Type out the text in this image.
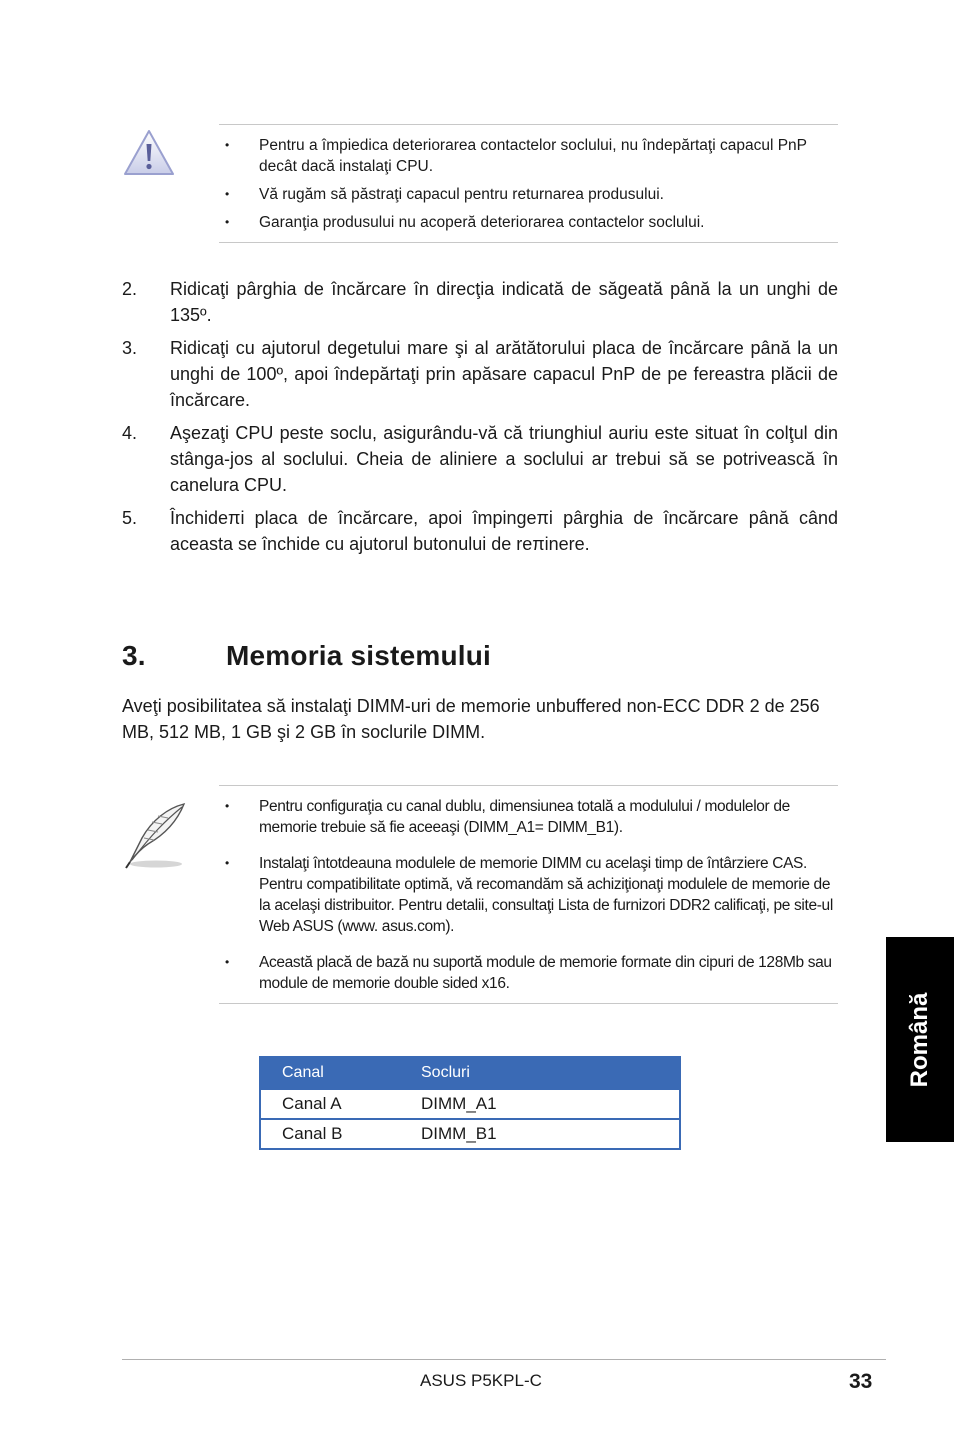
• Pentru a împiedica deteriorarea contactelor soclului, nu îndepărtaţi capacul PnP decât dacă instalaţi CPU.
• Vă rugăm să păstraţi capacul pentru returnarea produsului.
• Garanţia produsului nu acoperă deteriorarea contactelor soclului.
2. Ridicaţi pârghia de încărcare în direcţia indicată de săgeată până la un unghi de 135º.
3. Ridicaţi cu ajutorul degetului mare şi al arătătorului placa de încărcare până la un unghi de 100º, apoi îndepărtaţi prin apăsare capacul PnP de pe fereastra plăcii de încărcare.
4. Aşezaţi CPU peste soclu, asigurându-vă că triunghiul auriu este situat în colţul din stânga-jos al soclului. Cheia de aliniere a soclului ar trebui să se potrivească în canelura CPU.
5. Închideπi placa de încărcare, apoi împingeπi pârghia de încărcare până când aceasta se închide cu ajutorul butonului de reπinere.
3.	Memoria sistemului
Aveţi posibilitatea să instalaţi DIMM-uri de memorie unbuffered non-ECC DDR 2 de 256 MB, 512 MB, 1 GB şi 2 GB în soclurile DIMM.
• Pentru configuraţia cu canal dublu, dimensiunea totală a modulului / modulelor de memorie trebuie să fie aceeaşi (DIMM_A1= DIMM_B1).
• Instalaţi întotdeauna modulele de memorie DIMM cu acelaşi timp de întârziere CAS. Pentru compatibilitate optimă, vă recomandăm să achiziţionaţi modulele de memorie de la acelaşi distribuitor. Pentru detalii, consultaţi Lista de furnizori DDR2 calificaţi, pe site-ul Web ASUS (www. asus.com).
• Această placă de bază nu suportă module de memorie formate din cipuri de 128Mb sau module de memorie double sided x16.
Canal	Socluri
Canal A	DIMM_A1
Canal B	DIMM_B1
Română
ASUS P5KPL-C	33
